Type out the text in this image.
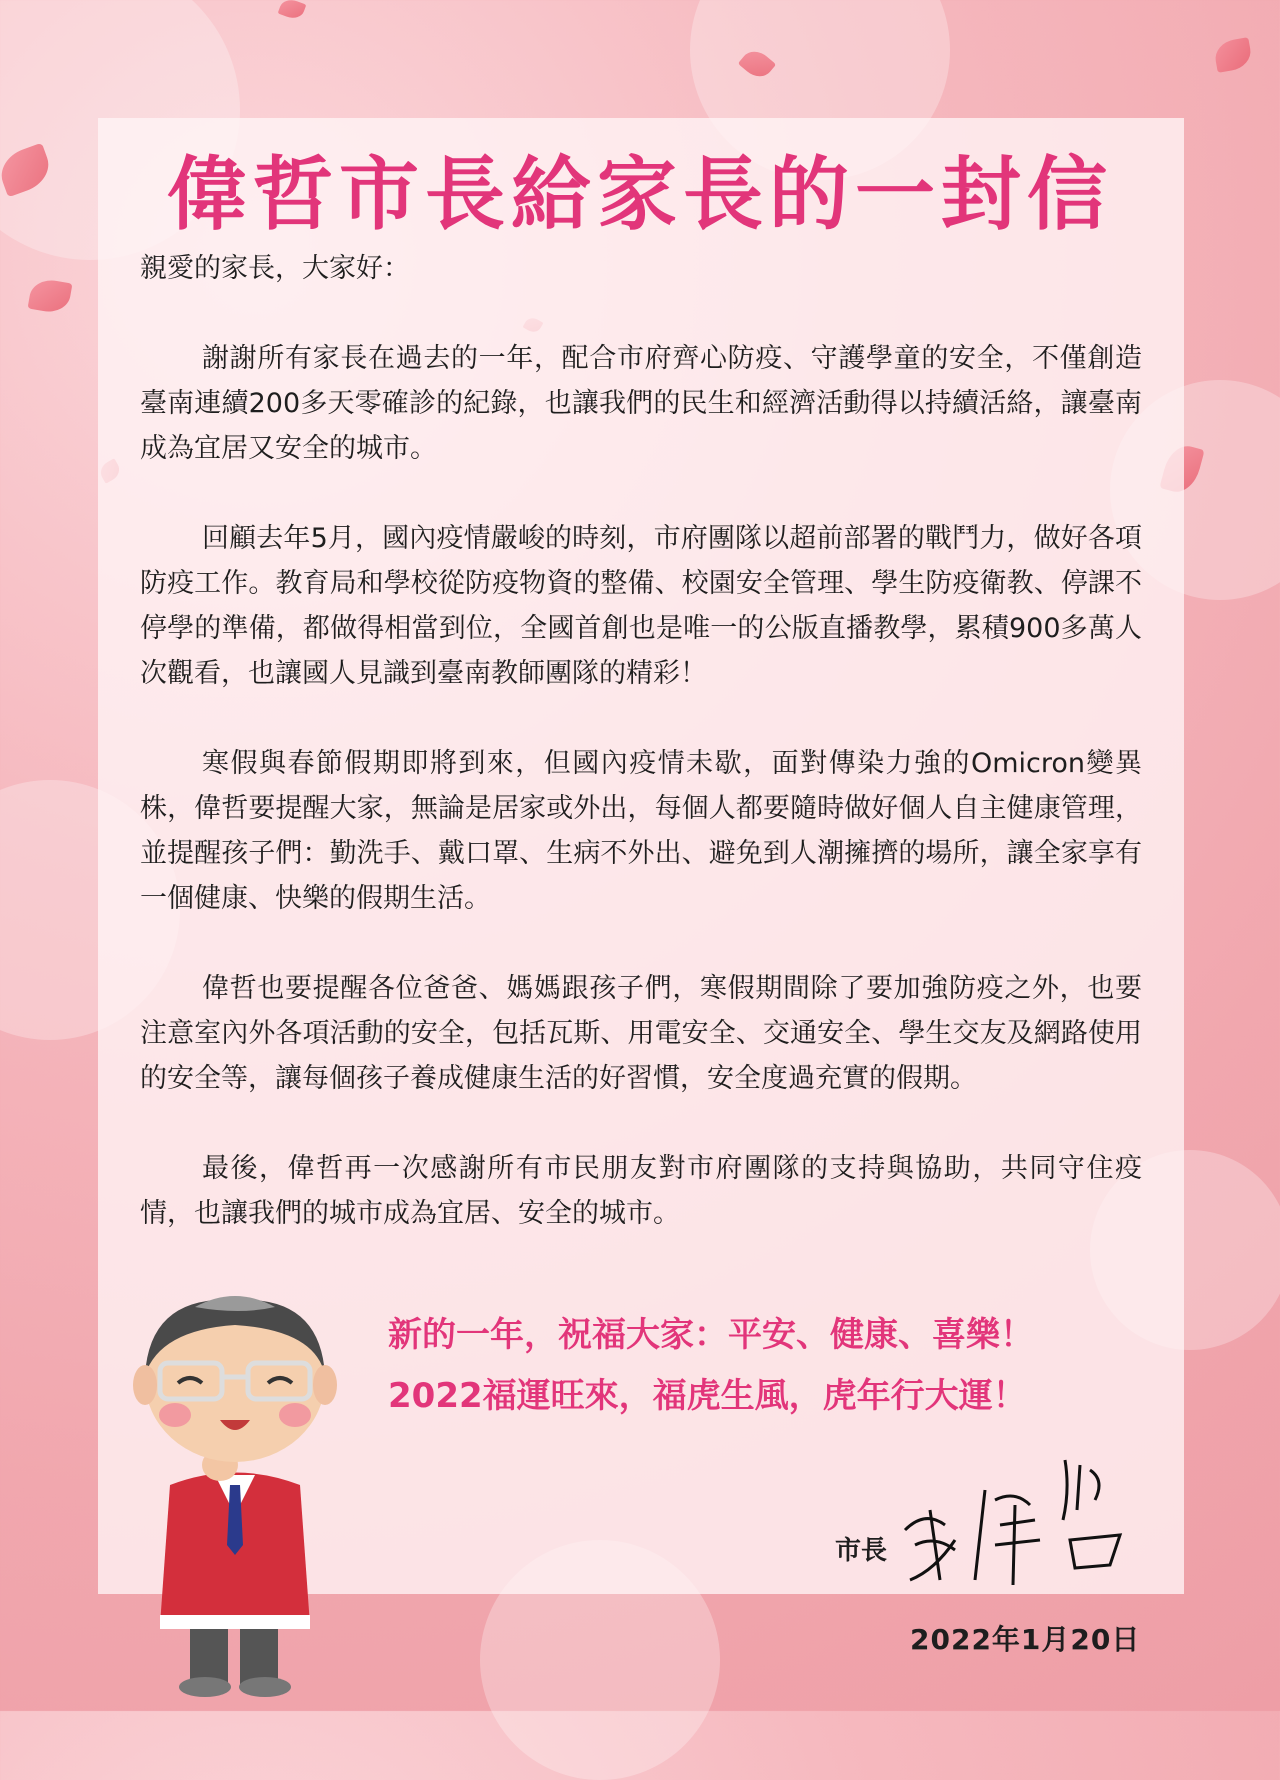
偉哲市長給家長的一封信

親愛的家長，大家好：

謝謝所有家長在過去的一年，配合市府齊心防疫、守護學童的安全，不僅創造臺南連續200多天零確診的紀錄，也讓我們的民生和經濟活動得以持續活絡，讓臺南成為宜居又安全的城市。

回顧去年5月，國內疫情嚴峻的時刻，市府團隊以超前部署的戰鬥力，做好各項防疫工作。教育局和學校從防疫物資的整備、校園安全管理、學生防疫衛教、停課不停學的準備，都做得相當到位，全國首創也是唯一的公版直播教學，累積900多萬人次觀看，也讓國人見識到臺南教師團隊的精彩！

寒假與春節假期即將到來，但國內疫情未歇，面對傳染力強的Omicron變異株，偉哲要提醒大家，無論是居家或外出，每個人都要隨時做好個人自主健康管理，並提醒孩子們：勤洗手、戴口罩、生病不外出、避免到人潮擁擠的場所，讓全家享有一個健康、快樂的假期生活。

偉哲也要提醒各位爸爸、媽媽跟孩子們，寒假期間除了要加強防疫之外，也要注意室內外各項活動的安全，包括瓦斯、用電安全、交通安全、學生交友及網路使用的安全等，讓每個孩子養成健康生活的好習慣，安全度過充實的假期。

最後，偉哲再一次感謝所有市民朋友對市府團隊的支持與協助，共同守住疫情，也讓我們的城市成為宜居、安全的城市。

新的一年，祝福大家：平安、健康、喜樂！

2022福運旺來，福虎生風，虎年行大運！

市長
2022年1月20日
